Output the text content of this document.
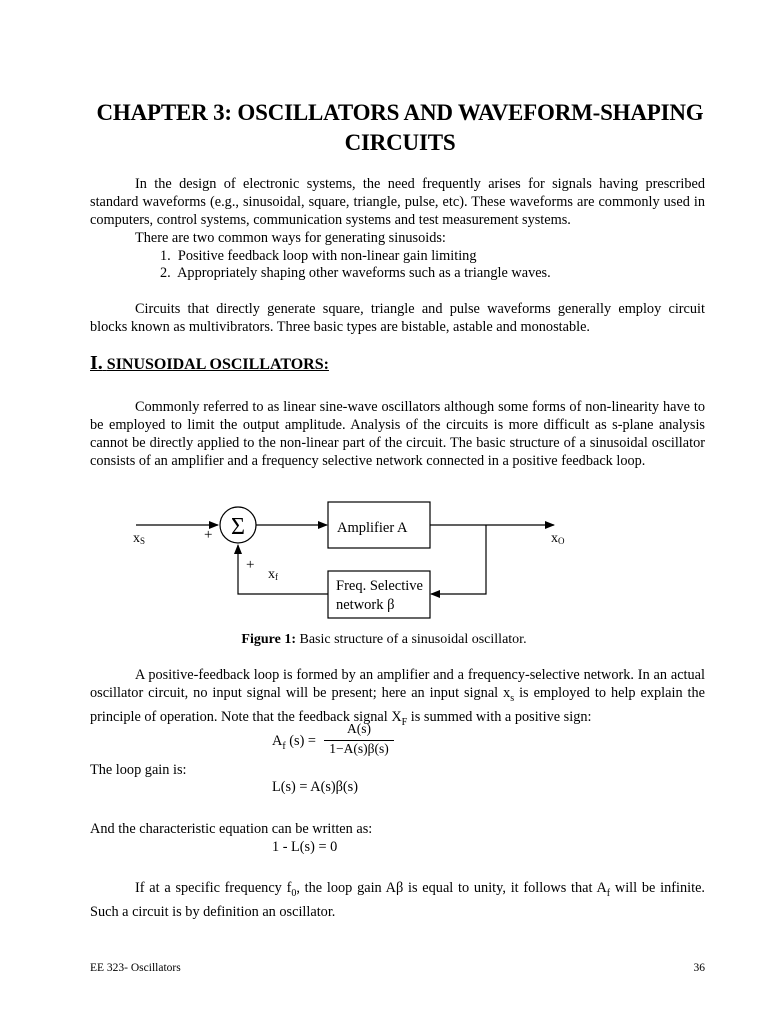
CHAPTER 3: OSCILLATORS AND WAVEFORM-SHAPING CIRCUITS

In the design of electronic systems, the need frequently arises for signals having prescribed standard waveforms (e.g., sinusoidal, square, triangle, pulse, etc). These waveforms are commonly used in computers, control systems, communication systems and test measurement systems.

There are two common ways for generating sinusoids:

1. Positive feedback loop with non-linear gain limiting
2. Appropriately shaping other waveforms such as a triangle waves.

Circuits that directly generate square, triangle and pulse waveforms generally employ circuit blocks known as multivibrators. Three basic types are bistable, astable and monostable.

I. SINUSOIDAL OSCILLATORS:

Commonly referred to as linear sine-wave oscillators although some forms of non-linearity have to be employed to limit the output amplitude. Analysis of the circuits is more difficult as s-plane analysis cannot be directly applied to the non-linear part of the circuit. The basic structure of a sinusoidal oscillator consists of an amplifier and a frequency selective network connected in a positive feedback loop.

Σ	Amplifier A
Freq. Selective
network β
xS	+
+
xf
xO
Figure 1: Basic structure of a sinusoidal oscillator.

A positive-feedback loop is formed by an amplifier and a frequency-selective network. In an actual oscillator circuit, no input signal will be present; here an input signal $x_s$ is employed to help explain the principle of operation. Note that the feedback signal $X_F$ is summed with a positive sign:

$A_f$ (s) =
A(s)
1−A(s)β(s)
The loop gain is:
L(s) = A(s)β(s)
And the characteristic equation can be written as:
1 - L(s) = 0

If at a specific frequency $f_0$, the loop gain Aβ is equal to unity, it follows that $A_f$ will be infinite. Such a circuit is by definition an oscillator.

EE 323- Oscillators	36
